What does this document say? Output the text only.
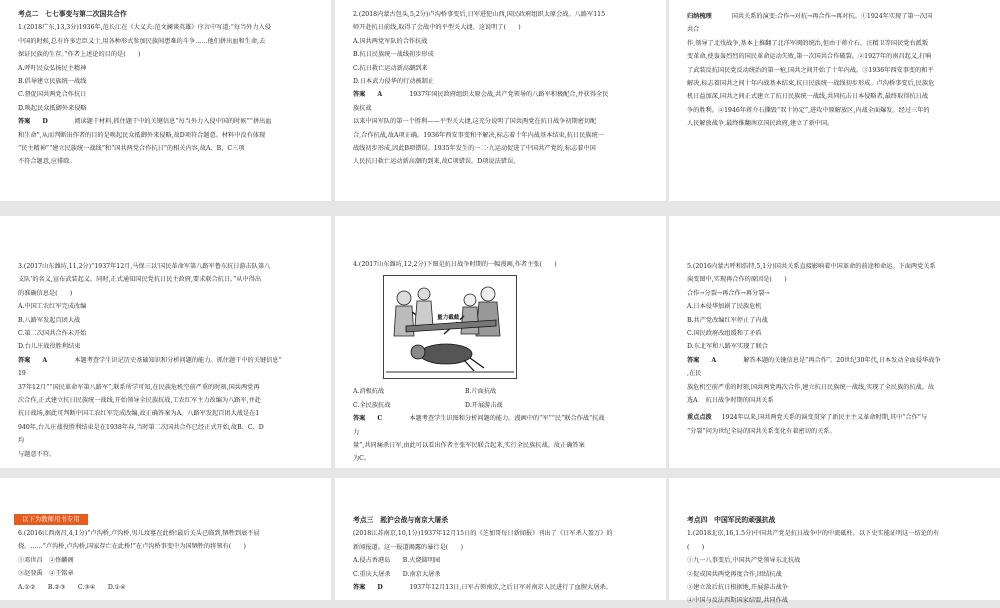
考点二　七七事变与第二次国共合作
1.(2018广东,13,3分)1936年,范长江在《大义夫:范文澜谈英雄》序言中写道:“每当外力入侵
中国的时候,总有许多忠臣义士,用各种形式参加民族间患难的斗争……他们拼出血和生命,去
保证民族的生存。”作者上述论的目的是(　　)
A.呼吁民众弘扬民主精神
B.倡导建立民族统一战线
C.督促国共两党合作抗日
D.唤起民众抵御外来侵略
答案 D	阅读题干材料,抓住题干中的关键信息“每当外力入侵中国的时候”“拼出血
和生命”,从而判断出作者的目的是唤起民众抵御外来侵略,故D项符合题意。材料中没有体现
“民主精神”“建立民族统一战线”和“国共两党合作抗日”的相关内容,故A、B、C三项
不符合题意,应排除。
2.(2018内蒙古包头,5,2分)卢沟桥事变后,日军进犯山西,国民政府组织太原会战。八路军115
师开赴抗日前线,取得了会战中的平型关大捷。这说明了(　　)
A.国共两党军队的合作抗战
B.抗日民族统一战线初步形成
C.抗日救亡运动新高潮到来
D.日本武力侵华的行动被制止
答案 A	1937年国民政府组织太原会战,共产党领导的八路军积极配合,并获得全民
族抗战
以来中国军队的第一个胜利——平型关大捷,这充分说明了国共两党在抗日战争初期密切配
合,合作抗战,故A项正确。1936年西安事变和平解决,标志着十年内战基本结束,抗日民族统一
战线初步形成,因此B项错误。1935年发生的一二·九运动促进了中国共产党的,标志着中国
人民抗日救亡运动新高潮的到来,故C项错误。D项说法错误。
归纳梳理	国共关系的演变:合作→对抗→再合作→再对抗。①1924年实现了第一次国
共合
作,领导了北伐战争,基本上推翻了北洋军阀的统治,但由于蒋介石、汪精卫等国民党右派叛
变革命,使轰轰烈烈的国民革命运动失败,第一次国共合作破裂。②1927年的南昌起义,打响
了武装反抗国民党反动统治的第一枪,国共之间开始了十年内战。③1936年西安事变的和平
解决,标志着国共之间十年内战基本结束,抗日民族统一战线初步形成。卢沟桥事变后,民族危
机日益加深,国共之间正式建立了抗日民族统一战线,共同抗击日本侵略者,最终取得抗日战
争的胜利。④1946年蒋介石撕毁“双十协定”,进攻中原解放区,内战全面爆发。经过三年的
人民解放战争,最终推翻南京国民政府,建立了新中国。
3.(2017山东潍坊,11,2分)“1937年12月,马保三以‘国民革命军第八路军鲁东抗日游击队第八
支队’的名义,宣布武装起义。同时,正式通知国民党抗日民主政府,要求联合抗日。”从中得出
的准确信息是(　　)
A.中国工农红军完成改编
B.八路军发起百团大战
C.第二次国共合作未开始
D.台儿庄战役胜利结束
答案 A	本题考查学生识记历史基础知识和分析问题的能力。抓住题干中的关键信息“
19
37年12月”“国民革命军第八路军”,联系所学可知,在民族危机空前严重的时刻,国共两党再
次合作,正式建立抗日民族统一战线,开始领导全民族抗战,工农红军主力改编为八路军,并赴
抗日战场,据此可判断中国工农红军完成改编,故正确答案为A。八路军发起百团大战是在1
940年,台儿庄战役胜利结束是在1938年春,当时第二次国共合作已经正式开始,故B、C、D
均
与题意不符。
4.(2017山东潍坊,12,2分)下图是抗日战争时期的一幅漫画,作者主张(　　)
量力截截
A.消极抗战	B.片面抗战
C.全民族抗战	D.开展游击战
答案 C	本题考查学生识图和分析问题的能力。漫画中的“军”“民”联合作战“抗战
力
量”,共同痛杀日军,由此可以看出作者主张军民联合起来,实行全民族抗战。故正确答案
为C。
5.(2016内蒙古呼和浩特,5,1分)国共关系直接影响着中国革命的前途和命运。下面两党关系
演变图中,实现再合作的原因是(　　)
合作→分裂→再合作→再分裂→
A.日本侵华加剧了民族危机
B.共产党改编红军停止了内战
C.国民政府改组缓和了矛盾
D.东北军和八路军实现了联合
答案 A	解答本题的关键信息是“再合作”。20世纪30年代,日本发动全面侵华战争
,在民
族危机空前严重的时刻,国共两党再次合作,建立抗日民族统一战线,实现了全民族的抗战。故
选A 抗日战争时期的国共关系
重点点拨 1924年以来,国共两党关系的演变贯穿了新民主主义革命时期,其中“合作”与
“分裂”问为世纪全局的国共关系变化有着密切的关系。
以下为教师用书专用
6.(2016江西南昌,4,1分)“卢沟桥,卢沟桥,男儿坟墓在此桥!最后关头已临到,牺牲到底不屈
挠。……”卢沟桥,卢沟桥,国家存亡在此桥!”在卢沟桥事变中为国牺牲的将领有(　　)
①邓世昌　②佟麟阁
③赵登禹　④王铭章
A.①②　　B.②③　　C.③④　　D.①④
考点三　淞沪会战与南京大屠杀
(2018江苏南京,10,1分)1937年12月15日的《芝加哥每日新闻报》刊出了《日军杀人盈万》的
新闻报道。这一报道揭露的暴行是(　　)
A.侵占香港岛　　B.火烧圆明园
C.重庆大屠杀　　D.南京大屠杀
答案 D	1937年12月13日,日军占领南京,之后日军对南京人民进行了血腥大屠杀。
考点四　中国军民的顽强抗战
1.(2018北京,16,1.5分)中国共产党是抗日战争中的中流砥柱。以下史实能证明这一结论的有
(　　)
①九一八事变后,中国共产党领导东北抗战
②促成国共两党再度合作,团结抗战
③建立敌后抗日根据地,开展游击战争
④中国与反法西斯国家结盟,共同作战
